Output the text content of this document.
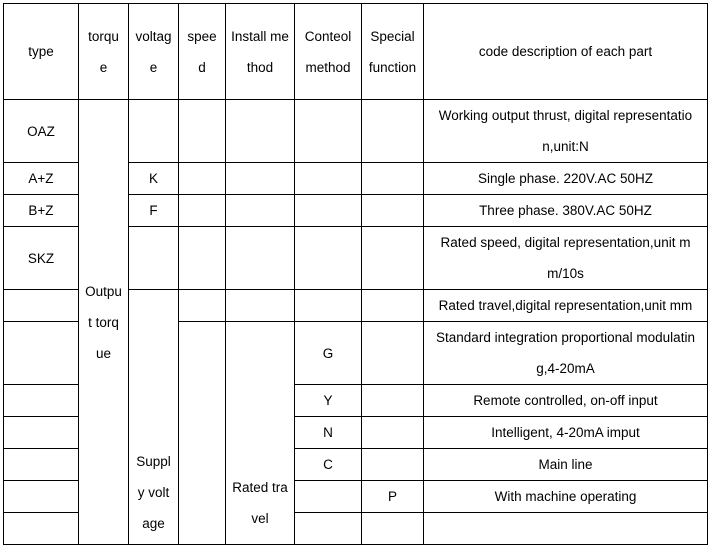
type	torque	voltage	speed	Install method	Conteol method	Special function	code description of each part
OAZ	Output torque						Working output thrust, digital representation,unit:N
A+Z		K					Single phase. 220V.AC 50HZ
B+Z		F					Three phase. 380V.AC 50HZ
SKZ							Rated speed, digital representation,unit mm/10s
		Supply voltage					Rated travel,digital representation,unit mm
				Rated travel	G		Standard integration proportional modulating,4-20mA
					Y		Remote controlled, on-off input
					N		Intelligent, 4-20mA imput
					C		Main line
						P	With machine operating
